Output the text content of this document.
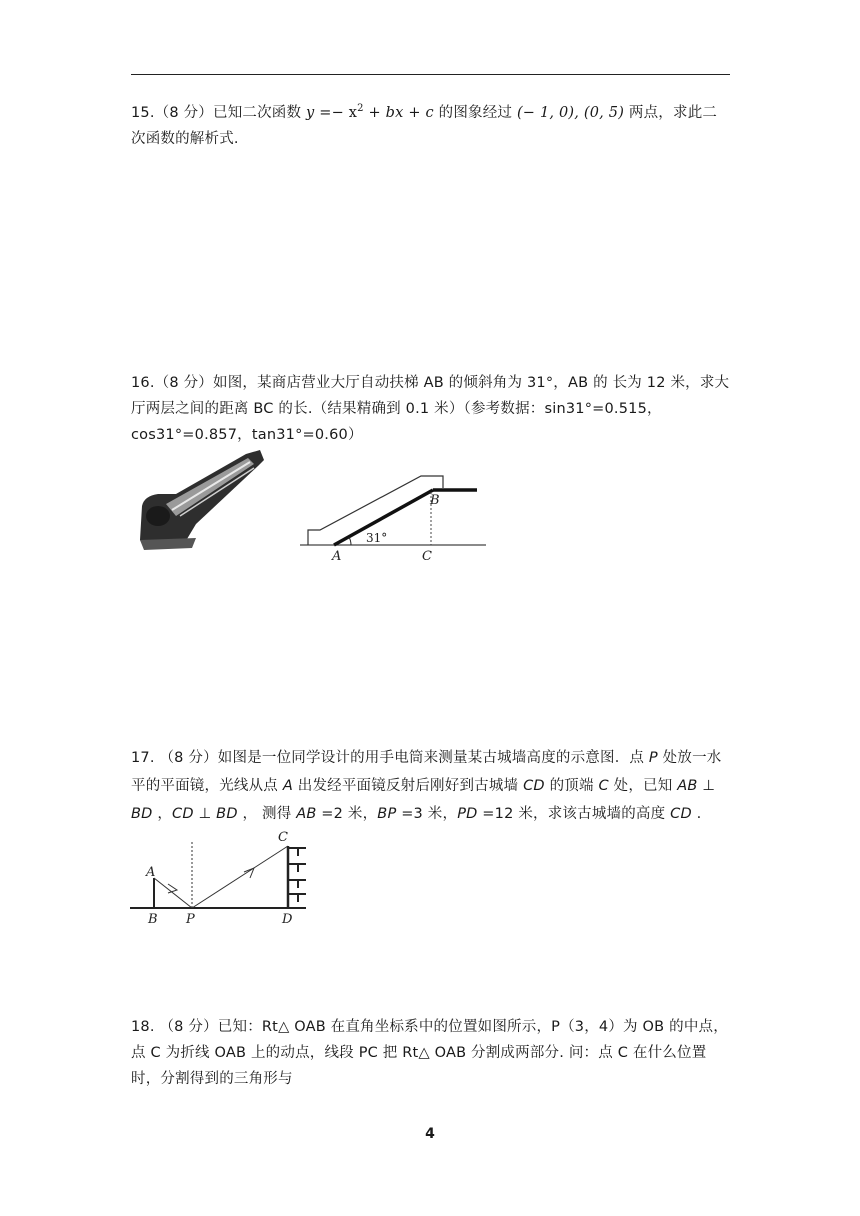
15.（8 分）已知二次函数 $y =- x^2$ + bx + c 的图象经过 (− 1, 0), (0, 5) 两点，求此二次函数的解析式.

16.（8 分）如图，某商店营业大厅自动扶梯 AB 的倾斜角为 31°，AB 的 长为 12 米，求大厅两层之间的距离 BC 的长.（结果精确到 0.1 米）（参考数据：sin31°=0.515，cos31°=0.857，tan31°=0.60）

31°
A
B
C

17. （8 分）如图是一位同学设计的用手电筒来测量某古城墙高度的示意图．点 P 处放一水平的平面镜，光线从点 A 出发经平面镜反射后刚好到古城墙 CD 的顶端 C 处，已知 AB ⊥ BD ，CD ⊥ BD ， 测得 AB =2 米，BP =3 米，PD =12 米，求该古城墙的高度 CD .

A
B P
C
D

18. （8 分）已知：Rt△ OAB 在直角坐标系中的位置如图所示，P（3，4）为 OB 的中点，点 C 为折线 OAB 上的动点，线段 PC 把 Rt△ OAB 分割成两部分. 问：点 C 在什么位置时，分割得到的三角形与

4
